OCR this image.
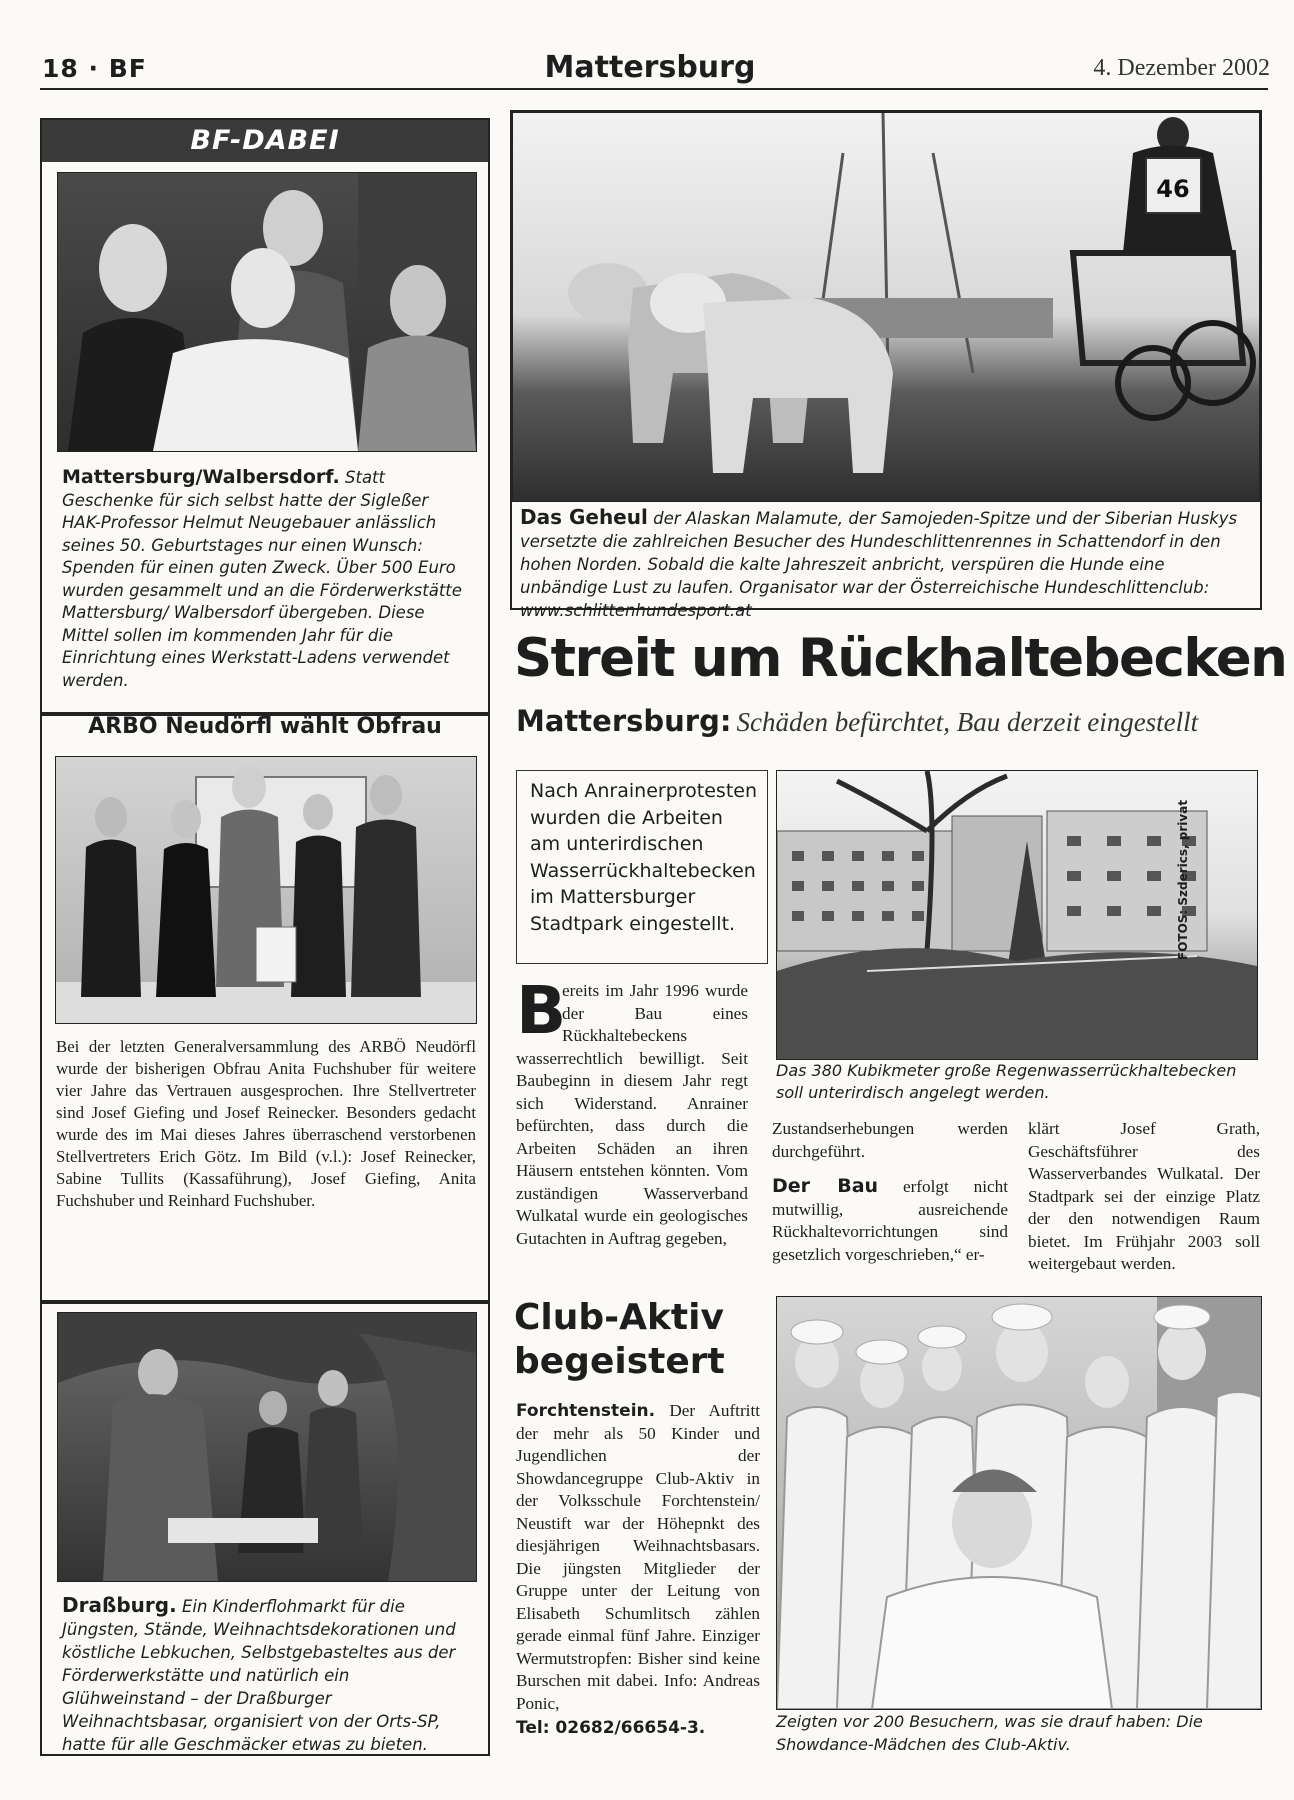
18 · BF	Mattersburg	4. Dezember 2002
BF-DABEI
Mattersburg/Walbersdorf. Statt Geschenke für sich selbst hatte der Sigleßer HAK-Professor Helmut Neugebauer anlässlich seines 50. Geburtstages nur einen Wunsch: Spenden für einen guten Zweck. Über 500 Euro wurden gesammelt und an die Förderwerkstätte Mattersburg/ Walbersdorf übergeben. Diese Mittel sollen im kommenden Jahr für die Einrichtung eines Werkstatt-Ladens verwendet werden.
ARBÖ Neudörfl wählt Obfrau
Bei der letzten Generalversammlung des ARBÖ Neudörfl wurde der bisherigen Obfrau Anita Fuchshuber für weitere vier Jahre das Vertrauen ausgesprochen. Ihre Stellvertreter sind Josef Giefing und Josef Reinecker. Besonders gedacht wurde des im Mai dieses Jahres überraschend verstorbenen Stellvertreters Erich Götz. Im Bild (v.l.): Josef Reinecker, Sabine Tullits (Kassaführung), Josef Giefing, Anita Fuchshuber und Reinhard Fuchshuber.
Draßburg. Ein Kinderflohmarkt für die Jüngsten, Stände, Weihnachtsdekorationen und köstliche Lebkuchen, Selbstgebasteltes aus der Förderwerkstätte und natürlich ein Glühweinstand – der Draßburger Weihnachtsbasar, organisiert von der Orts-SP, hatte für alle Geschmäcker etwas zu bieten.
46
Das Geheul der Alaskan Malamute, der Samojeden-Spitze und der Siberian Huskys versetzte die zahlreichen Besucher des Hundeschlittenrennes in Schattendorf in den hohen Norden. Sobald die kalte Jahreszeit anbricht, verspüren die Hunde eine unbändige Lust zu laufen. Organisator war der Österreichische Hundeschlittenclub: www.schlittenhundesport.at
Streit um Rückhaltebecken
Mattersburg: Schäden befürchtet, Bau derzeit eingestellt
Nach Anrainerprotesten wurden die Arbeiten am unterirdischen Wasserrückhaltebecken im Mattersburger Stadtpark eingestellt.	FOTOS: Szderics, privat
Das 380 Kubikmeter große Regenwasserrückhaltebecken soll unterirdisch angelegt werden.
B
ereits im Jahr 1996 wurde der Bau eines Rückhaltebeckens wasserrechtlich bewilligt. Seit Baubeginn in diesem Jahr regt sich Widerstand. Anrainer befürchten, dass durch die Arbeiten Schäden an ihren Häusern entstehen könnten. Vom zuständigen Wasserverband Wulkatal wurde ein geologisches Gutachten in Auftrag gegeben,

Zustandserhebungen werden durchgeführt.

Der Bau erfolgt nicht mutwillig, ausreichende Rückhaltevorrichtungen sind gesetzlich vorgeschrieben,“ er-

klärt Josef Grath, Geschäftsführer des Wasserverbandes Wulkatal. Der Stadtpark sei der einzige Platz der den notwendigen Raum bietet. Im Frühjahr 2003 soll weitergebaut werden.
Club-Aktiv
begeistert
Forchtenstein. Der Auftritt der mehr als 50 Kinder und Jugendlichen der Showdancegruppe Club-Aktiv in der Volksschule Forchtenstein/ Neustift war der Höhepnkt des diesjährigen Weihnachtsbasars. Die jüngsten Mitglieder der Gruppe unter der Leitung von Elisabeth Schumlitsch zählen gerade einmal fünf Jahre. Einziger Wermutstropfen: Bisher sind keine Burschen mit dabei. Info: Andreas Ponic,
Tel: 02682/66654-3.	Zeigten vor 200 Besuchern, was sie drauf haben: Die Showdance-Mädchen des Club-Aktiv.
